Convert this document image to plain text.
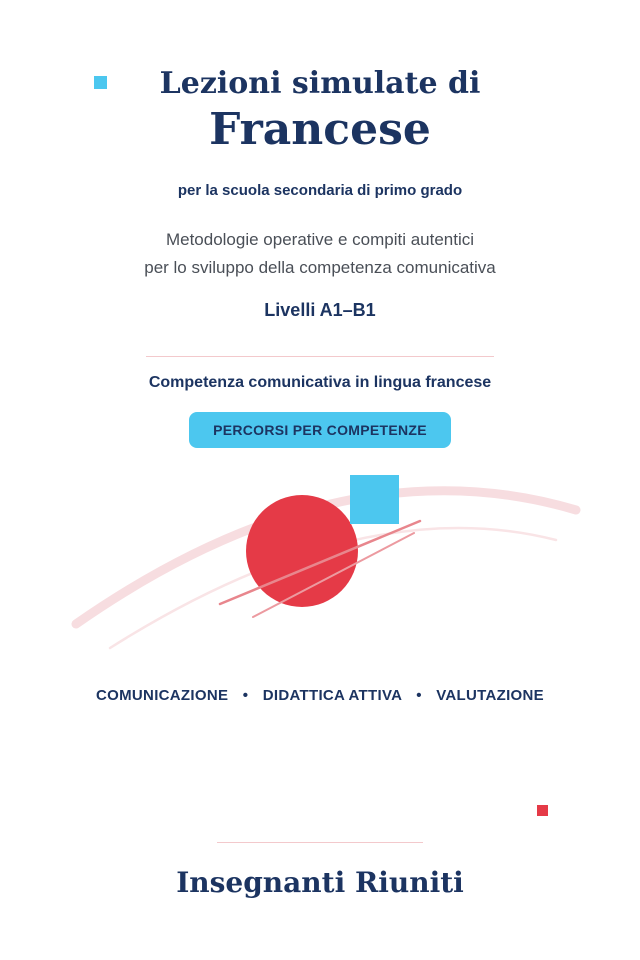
Lezioni simulate di
Francese
per la scuola secondaria di primo grado
Metodologie operative e compiti autentici
per lo sviluppo della competenza comunicativa
Livelli A1–B1
Competenza comunicativa in lingua francese
PERCORSI PER COMPETENZE
COMUNICAZIONE • DIDATTICA ATTIVA • VALUTAZIONE
Insegnanti Riuniti
